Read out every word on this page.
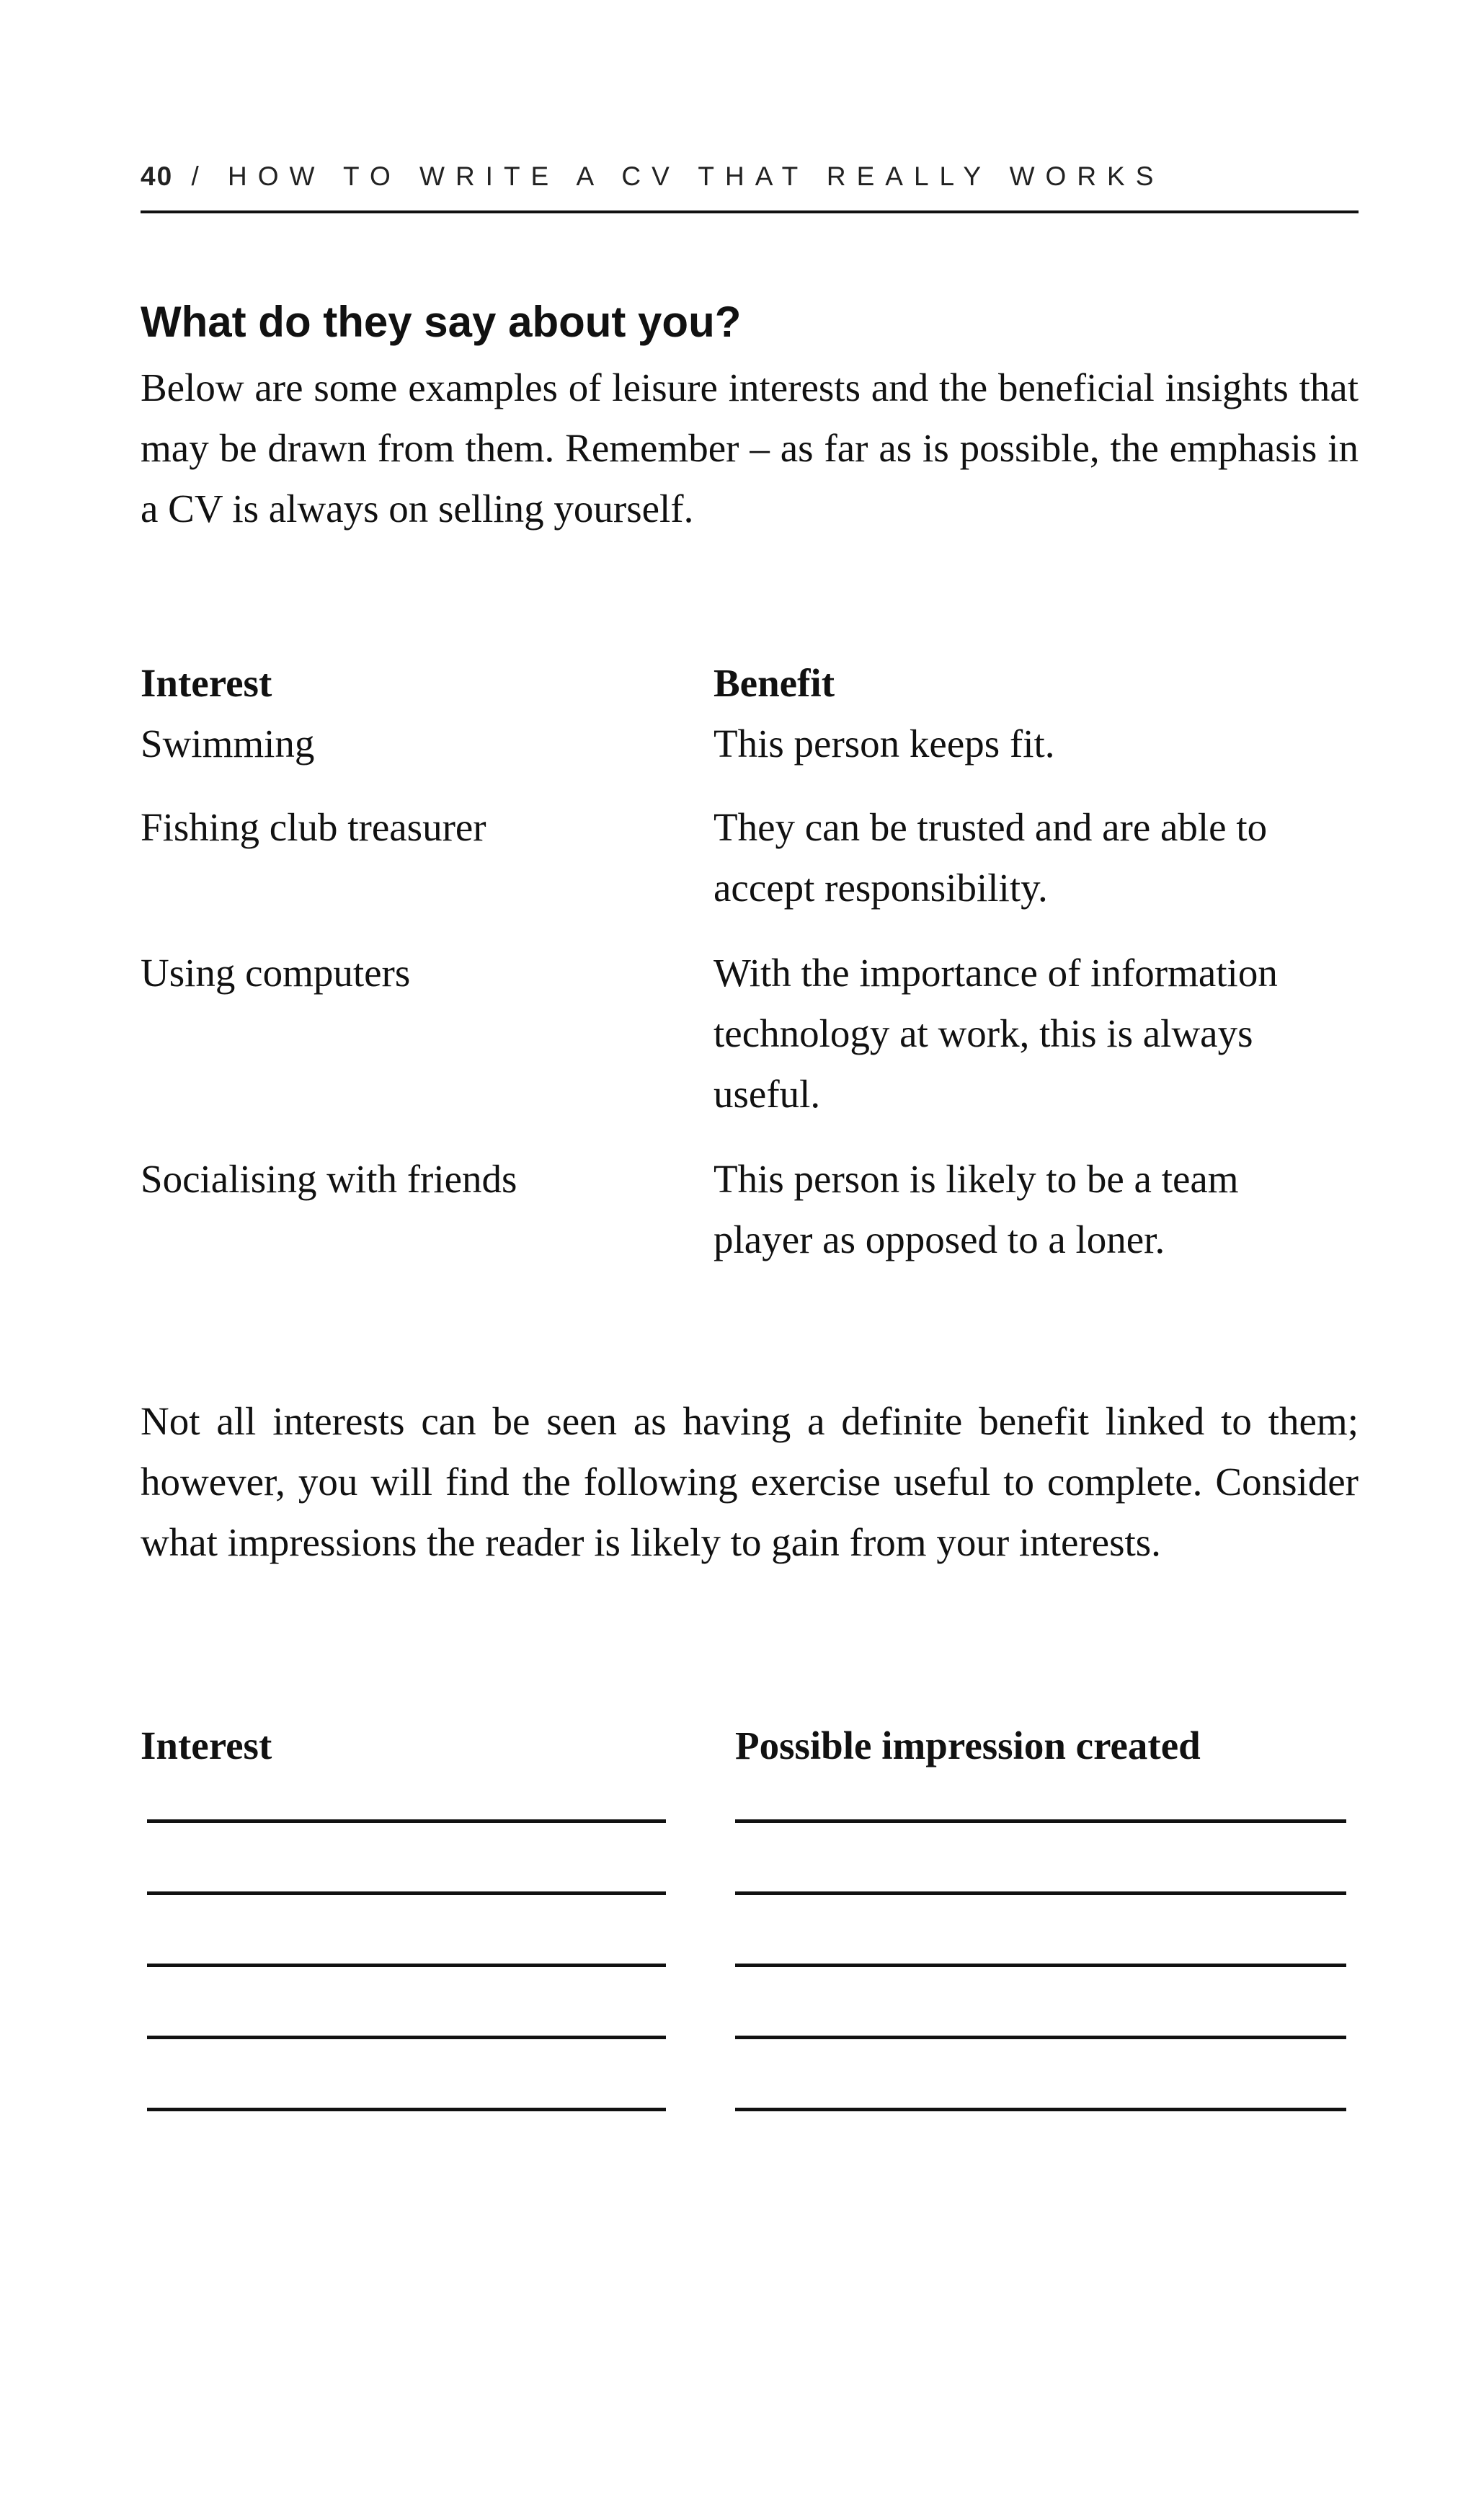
40 / HOW TO WRITE A CV THAT REALLY WORKS
What do they say about you?

Below are some examples of leisure interests and the beneficial insights that may be drawn from them. Remember – as far as is possible, the emphasis in a CV is always on selling yourself.

Interest	Benefit
Swimming	This person keeps fit.
Fishing club treasurer	They can be trusted and are able to accept responsibility.
Using computers	With the importance of information technology at work, this is always useful.
Socialising with friends	This person is likely to be a team player as opposed to a loner.

Not all interests can be seen as having a definite benefit linked to them; however, you will find the following exercise useful to complete. Consider what impressions the reader is likely to gain from your interests.

Interest	Possible impression created
